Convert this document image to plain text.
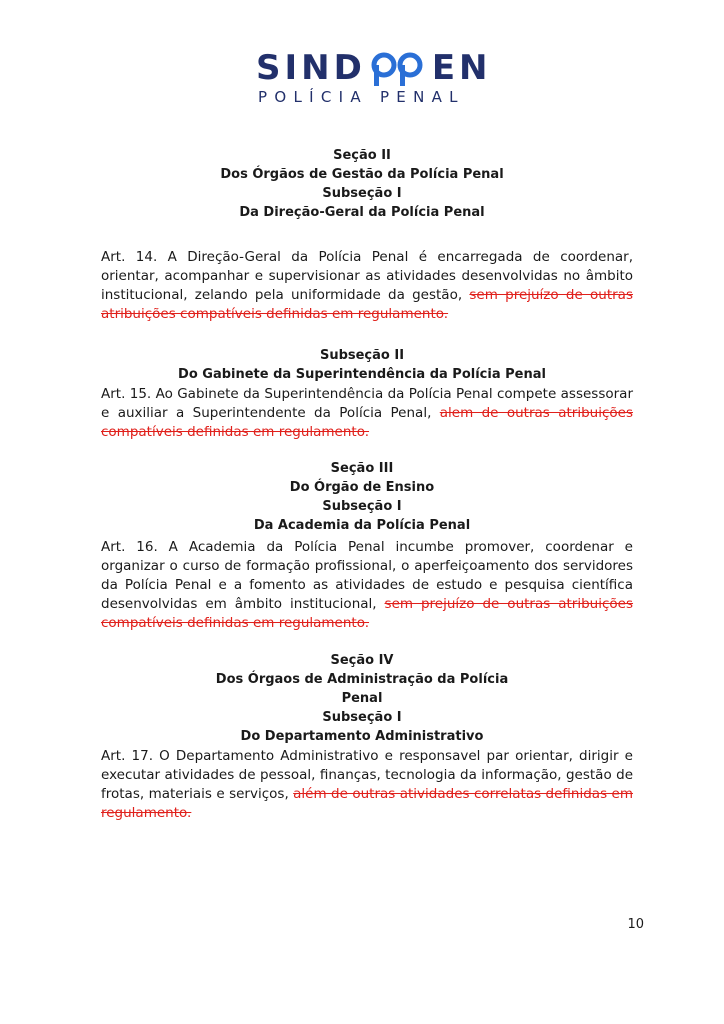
SIND EN
POLÍCIA PENAL
Seção II
Dos Órgãos de Gestão da Polícia Penal
Subseção I
Da Direção-Geral da Polícia Penal
Art. 14. A Direção-Geral da Polícia Penal é encarregada de coordenar, orientar, acompanhar e supervisionar as atividades desenvolvidas no âmbito institucional, zelando pela uniformidade da gestão, sem prejuízo de outras atribuições compatíveis definidas em regulamento.
Subseção II
Do Gabinete da Superintendência da Polícia Penal
Art. 15. Ao Gabinete da Superintendência da Polícia Penal compete assessorar e auxiliar a Superintendente da Polícia Penal, alem de outras atribuições compatíveis definidas em regulamento.
Seção III
Do Órgão de Ensino
Subseção I
Da Academia da Polícia Penal
Art. 16. A Academia da Polícia Penal incumbe promover, coordenar e organizar o curso de formação profissional, o aperfeiçoamento dos servidores da Polícia Penal e a fomento as atividades de estudo e pesquisa científica desenvolvidas em âmbito institucional, sem prejuízo de outras atribuições compatíveis definidas em regulamento.
Seção IV
Dos Órgaos de Administração da Polícia
Penal
Subseção I
Do Departamento Administrativo
Art. 17. O Departamento Administrativo e responsavel par orientar, dirigir e executar atividades de pessoal, finanças, tecnologia da informação, gestão de frotas, materiais e serviços, além de outras atividades correlatas definidas em regulamento.
10
